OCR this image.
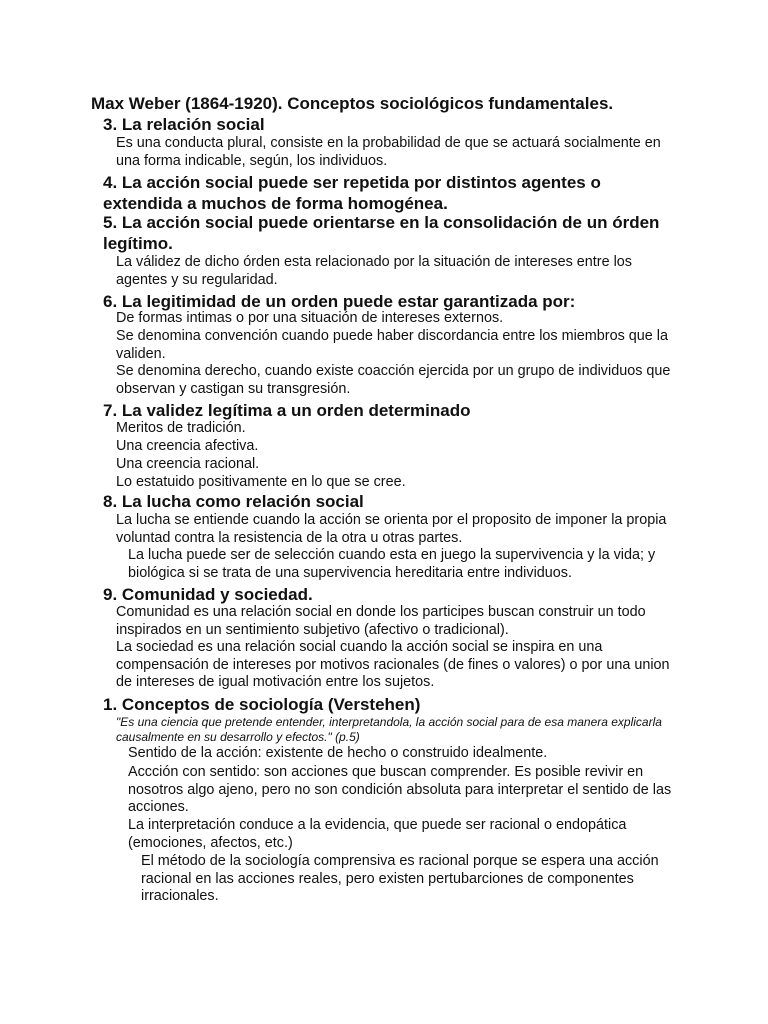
Max Weber (1864-1920). Conceptos sociológicos fundamentales.
3. La relación social
Es una conducta plural, consiste en la probabilidad de que se actuará socialmente en una forma indicable, según, los individuos.
4. La acción social puede ser repetida por distintos agentes o extendida a muchos de forma homogénea.
5. La acción social puede orientarse en la consolidación de un órden legítimo.
La válidez de dicho órden esta relacionado por la situación de intereses entre los agentes y su regularidad.
6. La legitimidad de un orden puede estar garantizada por:
De formas intimas o por una situación de intereses externos.
Se denomina convención cuando puede haber discordancia entre los miembros que la validen.
Se denomina derecho, cuando existe coacción ejercida por un grupo de individuos que observan y castigan su transgresión.
7. La validez legítima a un orden determinado
Meritos de tradición.
Una creencia afectiva.
Una creencia racional.
Lo estatuido positivamente en lo que se cree.
8. La lucha como relación social
La lucha se entiende cuando la acción se orienta por el proposito de imponer la propia voluntad contra la resistencia de la otra u otras partes.
La lucha puede ser de selección cuando esta en juego la supervivencia y la vida; y biológica si se trata de una supervivencia hereditaria entre individuos.
9. Comunidad y sociedad.
Comunidad es una relación social en donde los participes buscan construir un todo inspirados en un sentimiento subjetivo (afectivo o tradicional).
La sociedad es una relación social cuando la acción social se inspira en una compensación de intereses por motivos racionales (de fines o valores) o por una union de intereses de igual motivación entre los sujetos.
1. Conceptos de sociología (Verstehen)
"Es una ciencia que pretende entender, interpretandola, la acción social para de esa manera explicarla causalmente en su desarrollo y efectos." (p.5)
Sentido de la acción: existente de hecho o construido idealmente.
Accción con sentido: son acciones que buscan comprender. Es posible revivir en nosotros algo ajeno, pero no son condición absoluta para interpretar el sentido de las acciones.
La interpretación conduce a la evidencia, que puede ser racional o endopática (emociones, afectos, etc.)
El método de la sociología comprensiva es racional porque se espera una acción racional en las acciones reales, pero existen pertubarciones de componentes irracionales.
